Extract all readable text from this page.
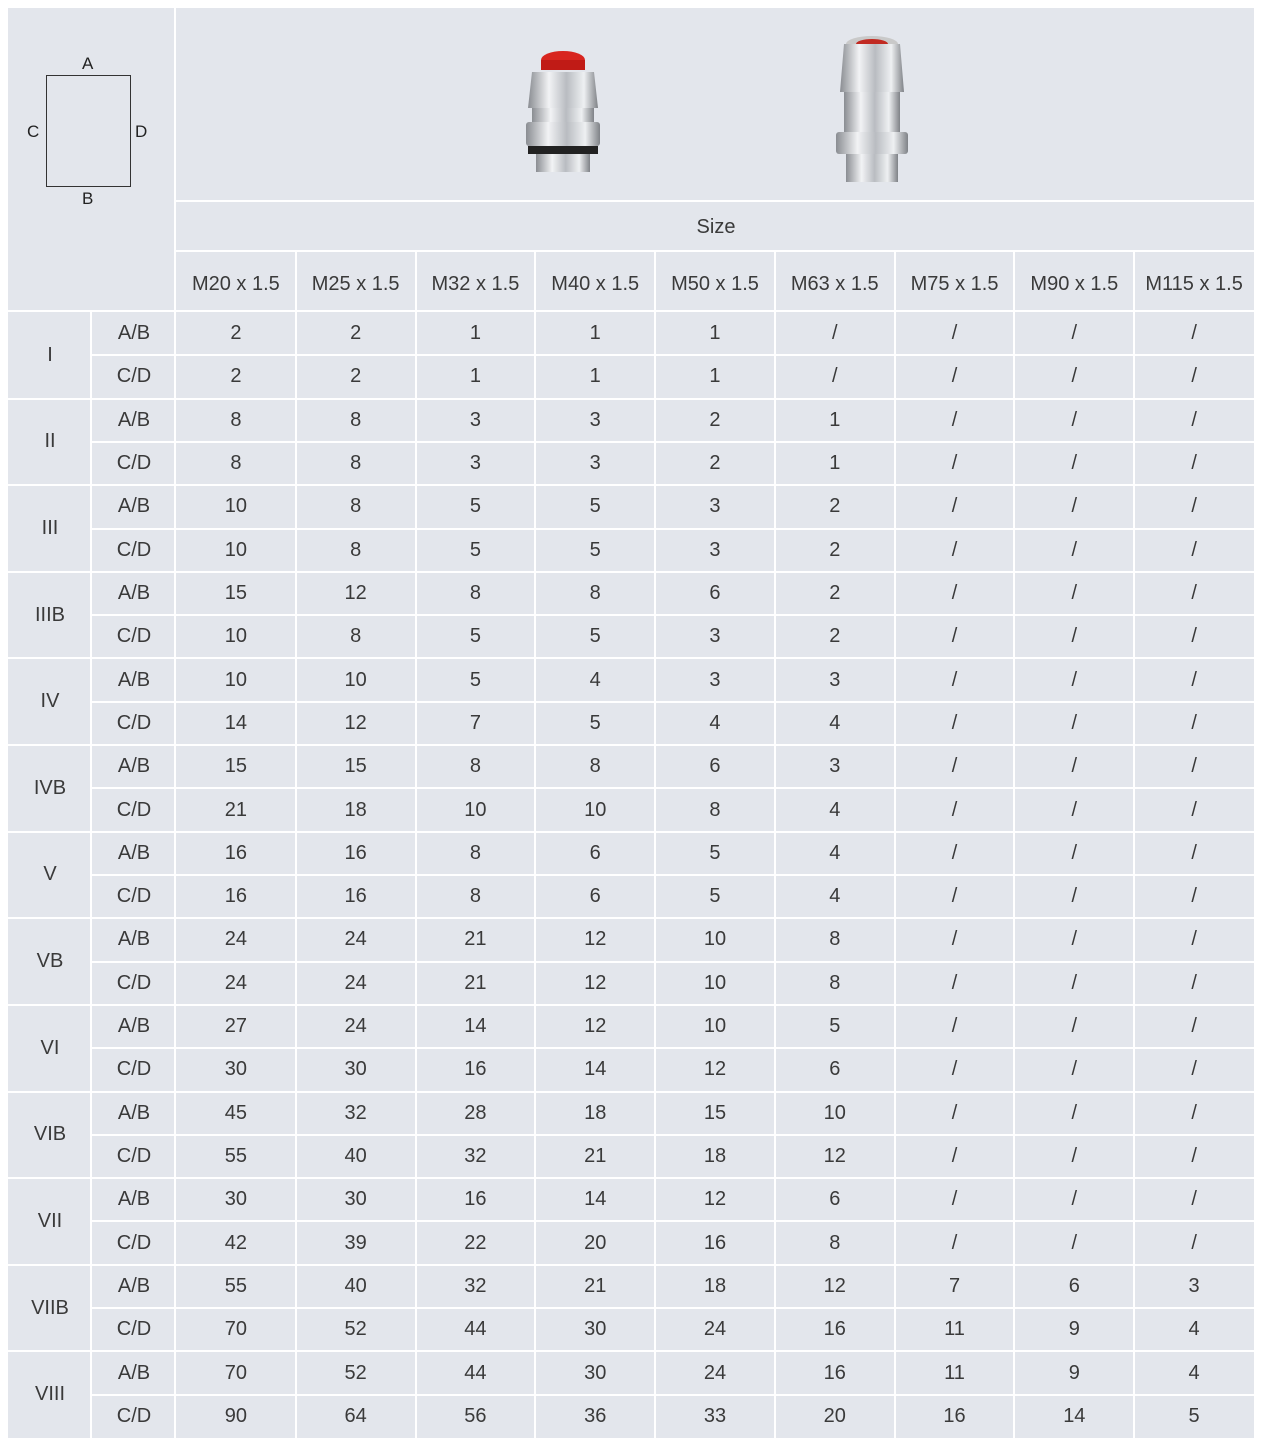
A
B
C	D
Size
M20 x 1.5	M25 x 1.5	M32 x 1.5	M40 x 1.5	M50 x 1.5	M63 x 1.5	M75 x 1.5	M90 x 1.5	M115 x 1.5
I
A/B	2	2	1	1	1	/	/	/	/
C/D	2	2	1	1	1	/	/	/	/
II
A/B	8	8	3	3	2	1	/	/	/
C/D	8	8	3	3	2	1	/	/	/
III
A/B	10	8	5	5	3	2	/	/	/
C/D	10	8	5	5	3	2	/	/	/
IIIB
A/B	15	12	8	8	6	2	/	/	/
C/D	10	8	5	5	3	2	/	/	/
IV
A/B	10	10	5	4	3	3	/	/	/
C/D	14	12	7	5	4	4	/	/	/
IVB
A/B	15	15	8	8	6	3	/	/	/
C/D	21	18	10	10	8	4	/	/	/
V
A/B	16	16	8	6	5	4	/	/	/
C/D	16	16	8	6	5	4	/	/	/
VB
A/B	24	24	21	12	10	8	/	/	/
C/D	24	24	21	12	10	8	/	/	/
VI
A/B	27	24	14	12	10	5	/	/	/
C/D	30	30	16	14	12	6	/	/	/
VIB
A/B	45	32	28	18	15	10	/	/	/
C/D	55	40	32	21	18	12	/	/	/
VII
A/B	30	30	16	14	12	6	/	/	/
C/D	42	39	22	20	16	8	/	/	/
VIIB
A/B	55	40	32	21	18	12	7	6	3
C/D	70	52	44	30	24	16	11	9	4
VIII
A/B	70	52	44	30	24	16	11	9	4
C/D	90	64	56	36	33	20	16	14	5
